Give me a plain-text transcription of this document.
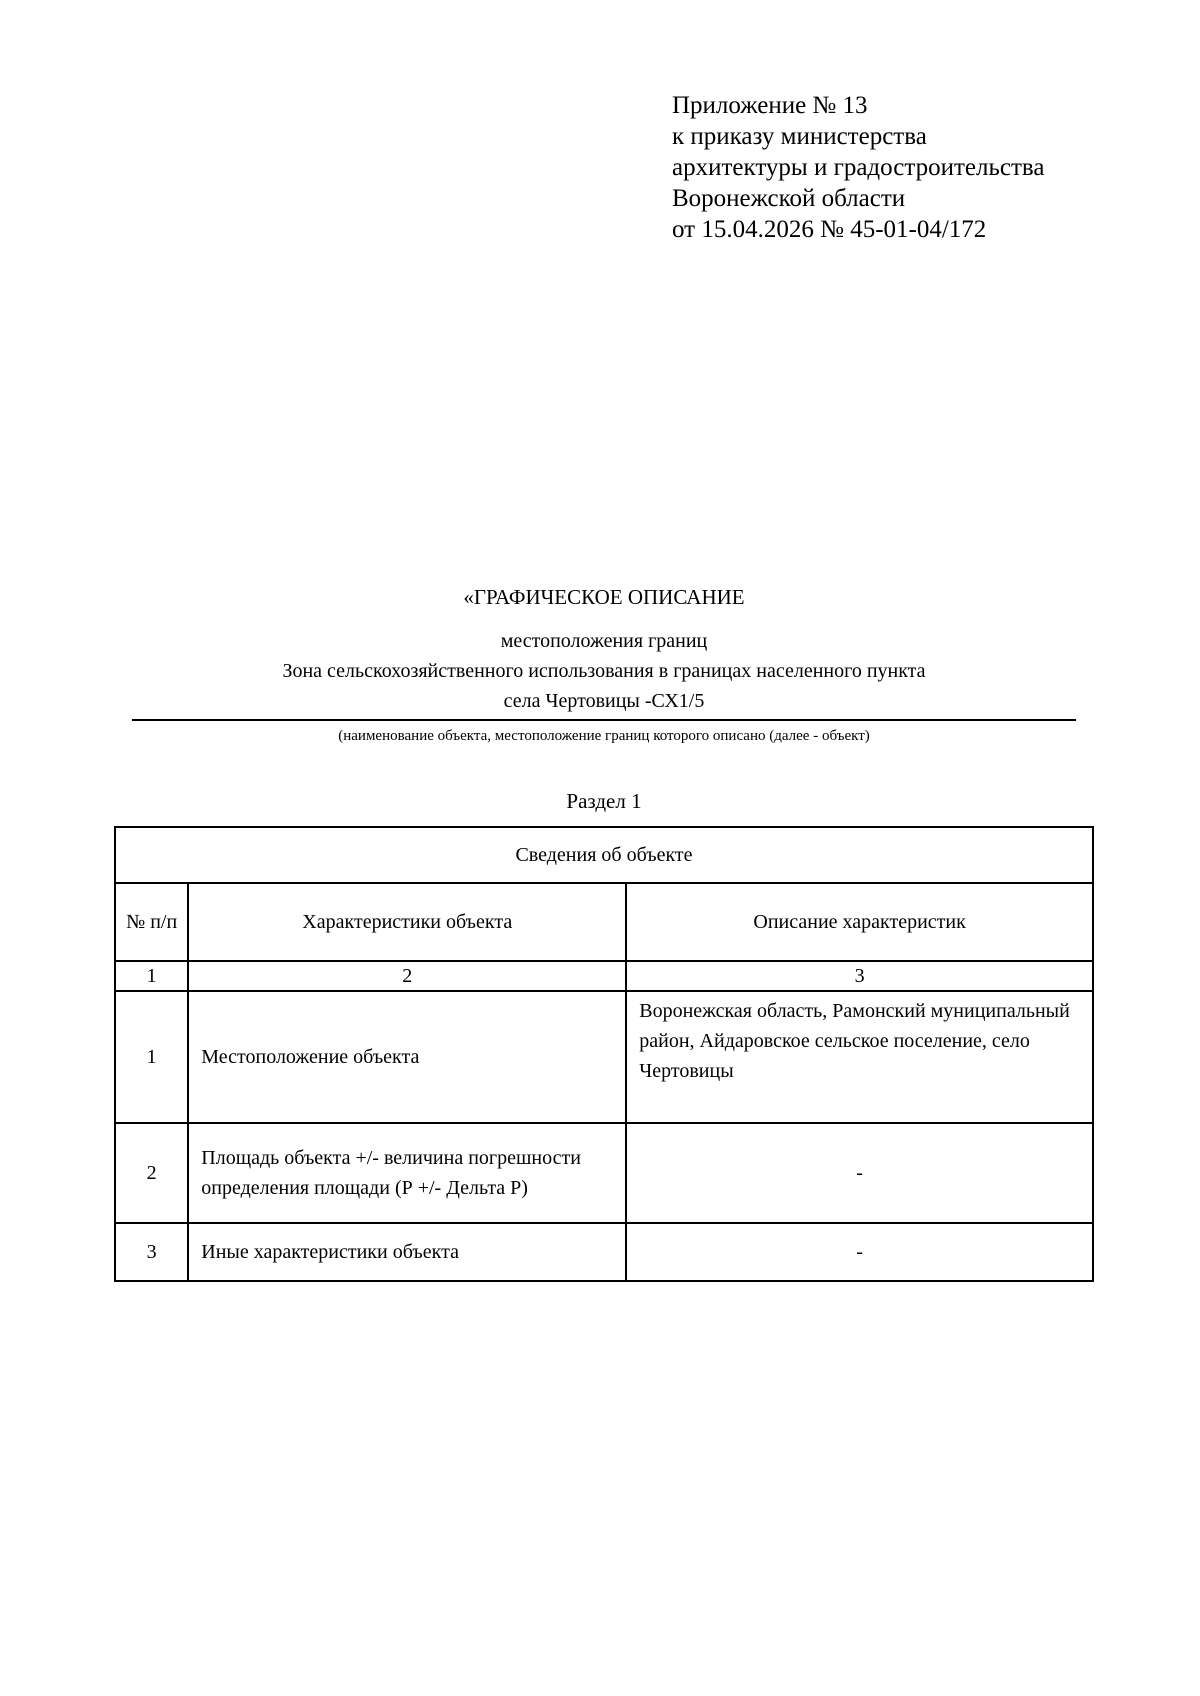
Приложение № 13
к приказу министерства
архитектуры и градостроительства
Воронежской области
от 15.04.2026 № 45-01-04/172
«ГРАФИЧЕСКОЕ ОПИСАНИЕ
местоположения границ
Зона сельскохозяйственного использования в границах населенного пункта
села Чертовицы -СХ1/5
(наименование объекта, местоположение границ которого описано (далее - объект)
Раздел 1
Сведения об объекте		
№ п/п	Характеристики объекта	Описание характеристик
1	2	3
1	Местоположение объекта	Воронежская область, Рамонский муниципальный район, Айдаровское сельское поселение, село Чертовицы
2	Площадь объекта +/- величина погрешности определения площади (Р +/- Дельта Р)	-
3	Иные характеристики объекта	-
